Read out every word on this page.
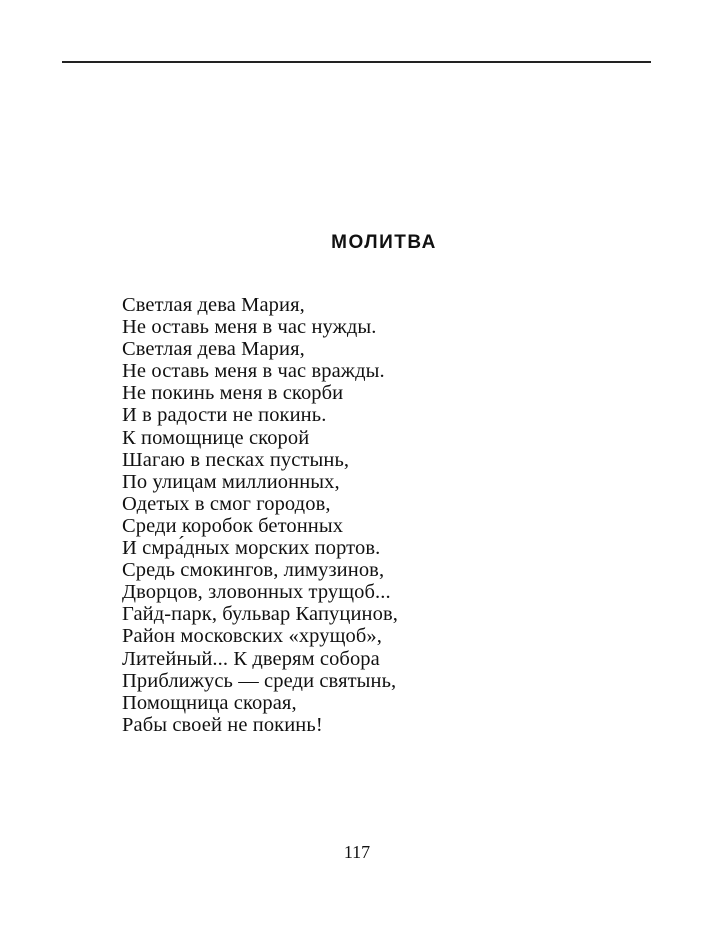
МОЛИТВА
Светлая дева Мария,
Не оставь меня в час нужды.
Светлая дева Мария,
Не оставь меня в час вражды.
Не покинь меня в скорби
И в радости не покинь.
К помощнице скорой
Шагаю в песках пустынь,
По улицам миллионных,
Одетых в смог городов,
Среди коробок бетонных
И смра́дных морских портов.
Средь смокингов, лимузинов,
Дворцов, зловонных трущоб...
Гайд-парк, бульвар Капуцинов,
Район московских «хрущоб»,
Литейный... К дверям собора
Приближусь — среди святынь,
Помощница скорая,
Рабы своей не покинь!
117
